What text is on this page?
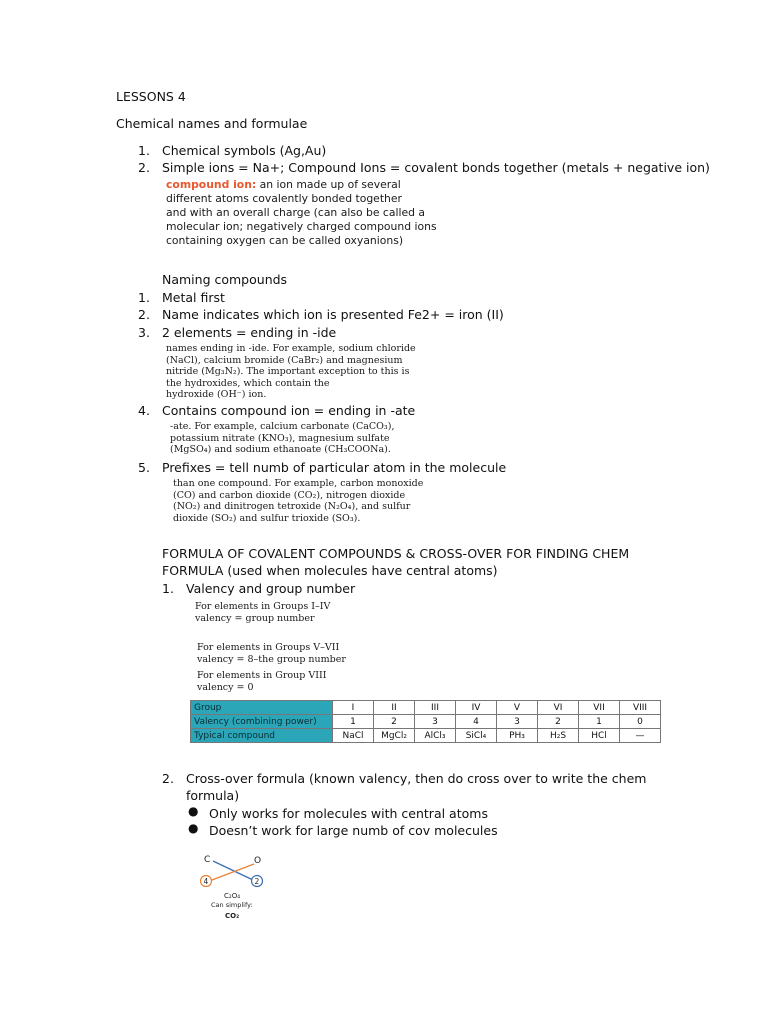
LESSONS 4
Chemical names and formulae
1. Chemical symbols (Ag,Au)
2. Simple ions = Na+; Compound Ions = covalent bonds together (metals + negative ion)
compound ion: an ion made up of several
different atoms covalently bonded together
and with an overall charge (can also be called a
molecular ion; negatively charged compound ions
containing oxygen can be called oxyanions)
Naming compounds
1. Metal first
2. Name indicates which ion is presented Fe2+ = iron (II)
3. 2 elements = ending in -ide
names ending in -ide. For example, sodium chloride
(NaCl), calcium bromide (CaBr₂) and magnesium
nitride (Mg₃N₂). The important exception to this is
the hydroxides, which contain the
hydroxide (OH⁻) ion.
4. Contains compound ion = ending in -ate
-ate. For example, calcium carbonate (CaCO₃),
potassium nitrate (KNO₃), magnesium sulfate
(MgSO₄) and sodium ethanoate (CH₃COONa).
5. Prefixes = tell numb of particular atom in the molecule
than one compound. For example, carbon monoxide
(CO) and carbon dioxide (CO₂), nitrogen dioxide
(NO₂) and dinitrogen tetroxide (N₂O₄), and sulfur
dioxide (SO₂) and sulfur trioxide (SO₃).
FORMULA OF COVALENT COMPOUNDS & CROSS-OVER FOR FINDING CHEM
FORMULA (used when molecules have central atoms)
1. Valency and group number
For elements in Groups I–IV
valency = group number
For elements in Groups V–VII
valency = 8–the group number
For elements in Group VIII
valency = 0
Group	I	II	III	IV	V	VI	VII	VIII
Valency (combining power)	1	2	3	4	3	2	1	0
Typical compound	NaCl	MgCl₂	AlCl₃	SiCl₄	PH₃	H₂S	HCl	—
2. Cross-over formula (known valency, then do cross over to write the chem
formula)
● Only works for molecules with central atoms
● Doesn’t work for large numb of cov molecules
C	O
4	2
C₂O₄
Can simplify:
CO₂
